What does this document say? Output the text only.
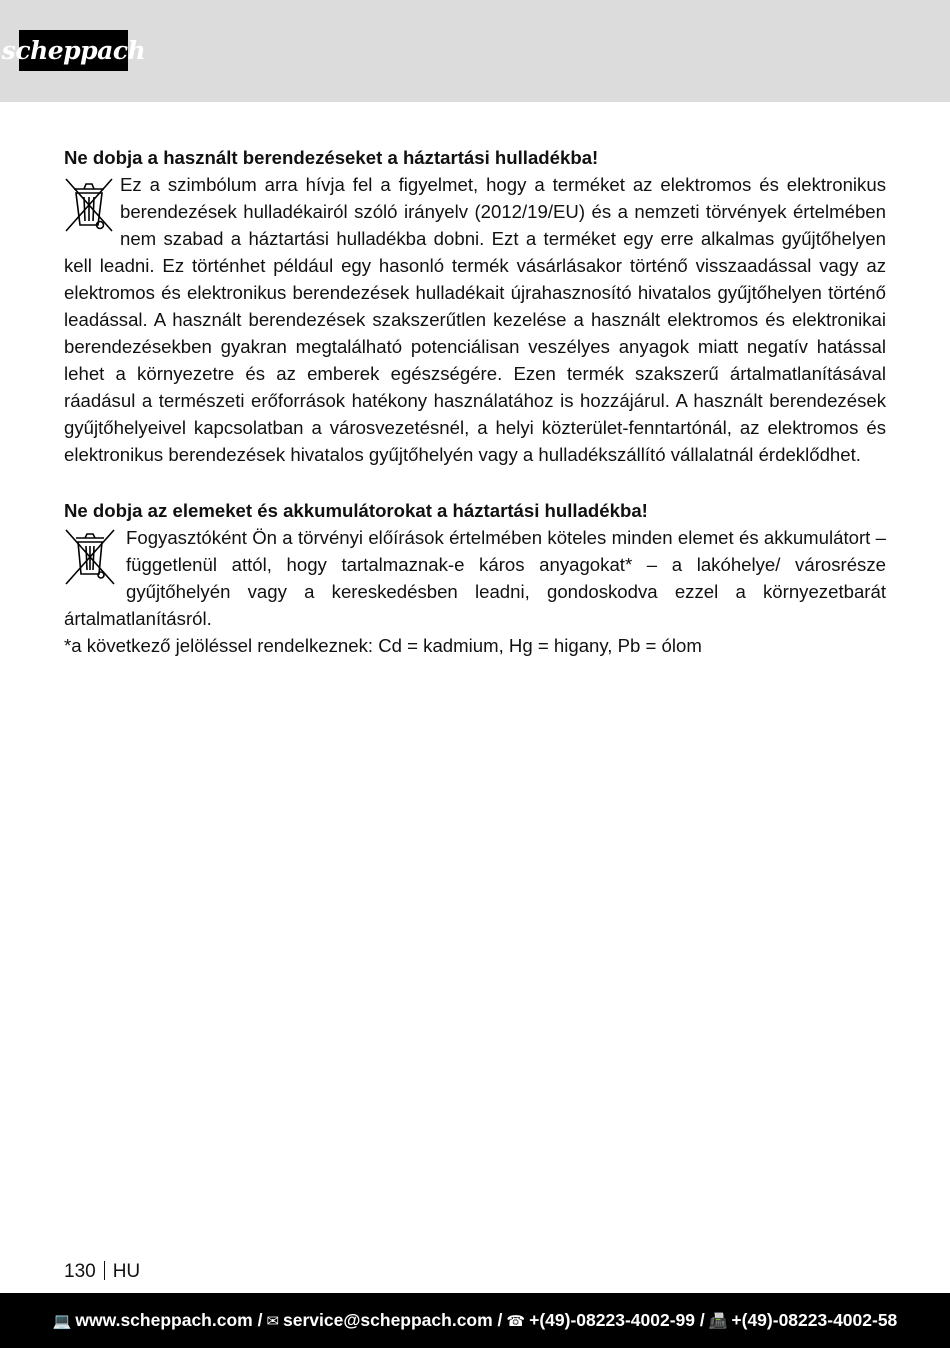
scheppach

Ne dobja a használt berendezéseket a háztartási hulladékba!

Ez a szimbólum arra hívja fel a figyelmet, hogy a terméket az elektromos és elektronikus berendezések hulladékairól szóló irányelv (2012/19/EU) és a nemzeti törvények értelmében nem szabad a háztartási hulladékba dobni. Ezt a terméket egy erre alkalmas gyűjtőhelyen kell leadni. Ez történhet például egy hasonló termék vásárlásakor történő visszaadással vagy az elektromos és elektronikus berendezések hulladékait újrahasznosító hivatalos gyűjtőhelyen történő leadással. A használt berendezések szakszerűtlen kezelése a használt elektromos és elektronikai berendezésekben gyakran megtalálható potenciálisan veszélyes anyagok miatt negatív hatással lehet a környezetre és az emberek egészségére. Ezen termék szakszerű ártalmatlanításával ráadásul a természeti erőforrások hatékony használatához is hozzájárul. A használt berendezések gyűjtőhelyeivel kapcsolatban a városvezetésnél, a helyi közterület-fenntartónál, az elektromos és elektronikus berendezések hivatalos gyűjtőhelyén vagy a hulladékszállító vállalatnál érdeklődhet.

Ne dobja az elemeket és akkumulátorokat a háztartási hulladékba!

Fogyasztóként Ön a törvényi előírások értelmében köteles minden elemet és akkumulátort – függetlenül attól, hogy tartalmaznak-e káros anyagokat* – a lakóhelye/ városrésze gyűjtőhelyén vagy a kereskedésben leadni, gondoskodva ezzel a környezetbarát ártalmatlanításról.

*a következő jelöléssel rendelkeznek: Cd = kadmium, Hg = higany, Pb = ólom

130 HU
💻 www.scheppach.com / ✉ service@scheppach.com / ☎ +(49)-08223-4002-99 / 📠 +(49)-08223-4002-58
